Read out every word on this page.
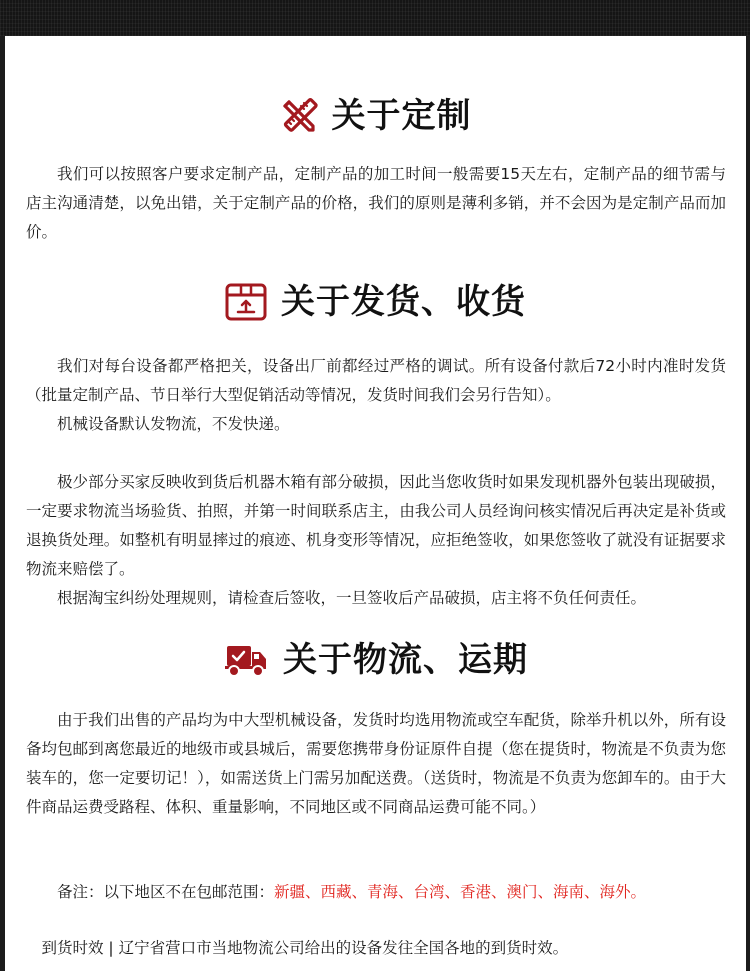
关于定制

我们可以按照客户要求定制产品，定制产品的加工时间一般需要15天左右，定制产品的细节需与店主沟通清楚，以免出错，关于定制产品的价格，我们的原则是薄利多销，并不会因为是定制产品而加价。

关于发货、收货

我们对每台设备都严格把关，设备出厂前都经过严格的调试。所有设备付款后72小时内准时发货（批量定制产品、节日举行大型促销活动等情况，发货时间我们会另行告知）。

机械设备默认发物流，不发快递。

极少部分买家反映收到货后机器木箱有部分破损，因此当您收货时如果发现机器外包装出现破损，一定要求物流当场验货、拍照，并第一时间联系店主，由我公司人员经询问核实情况后再决定是补货或退换货处理。如整机有明显摔过的痕迹、机身变形等情况，应拒绝签收，如果您签收了就没有证据要求物流来赔偿了。

根据淘宝纠纷处理规则，请检查后签收，一旦签收后产品破损，店主将不负任何责任。

关于物流、运期

由于我们出售的产品均为中大型机械设备，发货时均选用物流或空车配货，除举升机以外，所有设备均包邮到离您最近的地级市或县城后，需要您携带身份证原件自提（您在提货时，物流是不负责为您装车的，您一定要切记！），如需送货上门需另加配送费。（送货时，物流是不负责为您卸车的。由于大件商品运费受路程、体积、重量影响，不同地区或不同商品运费可能不同。）

备注：以下地区不在包邮范围：新疆、西藏、青海、台湾、香港、澳门、海南、海外。

到货时效 | 辽宁省营口市当地物流公司给出的设备发往全国各地的到货时效。
